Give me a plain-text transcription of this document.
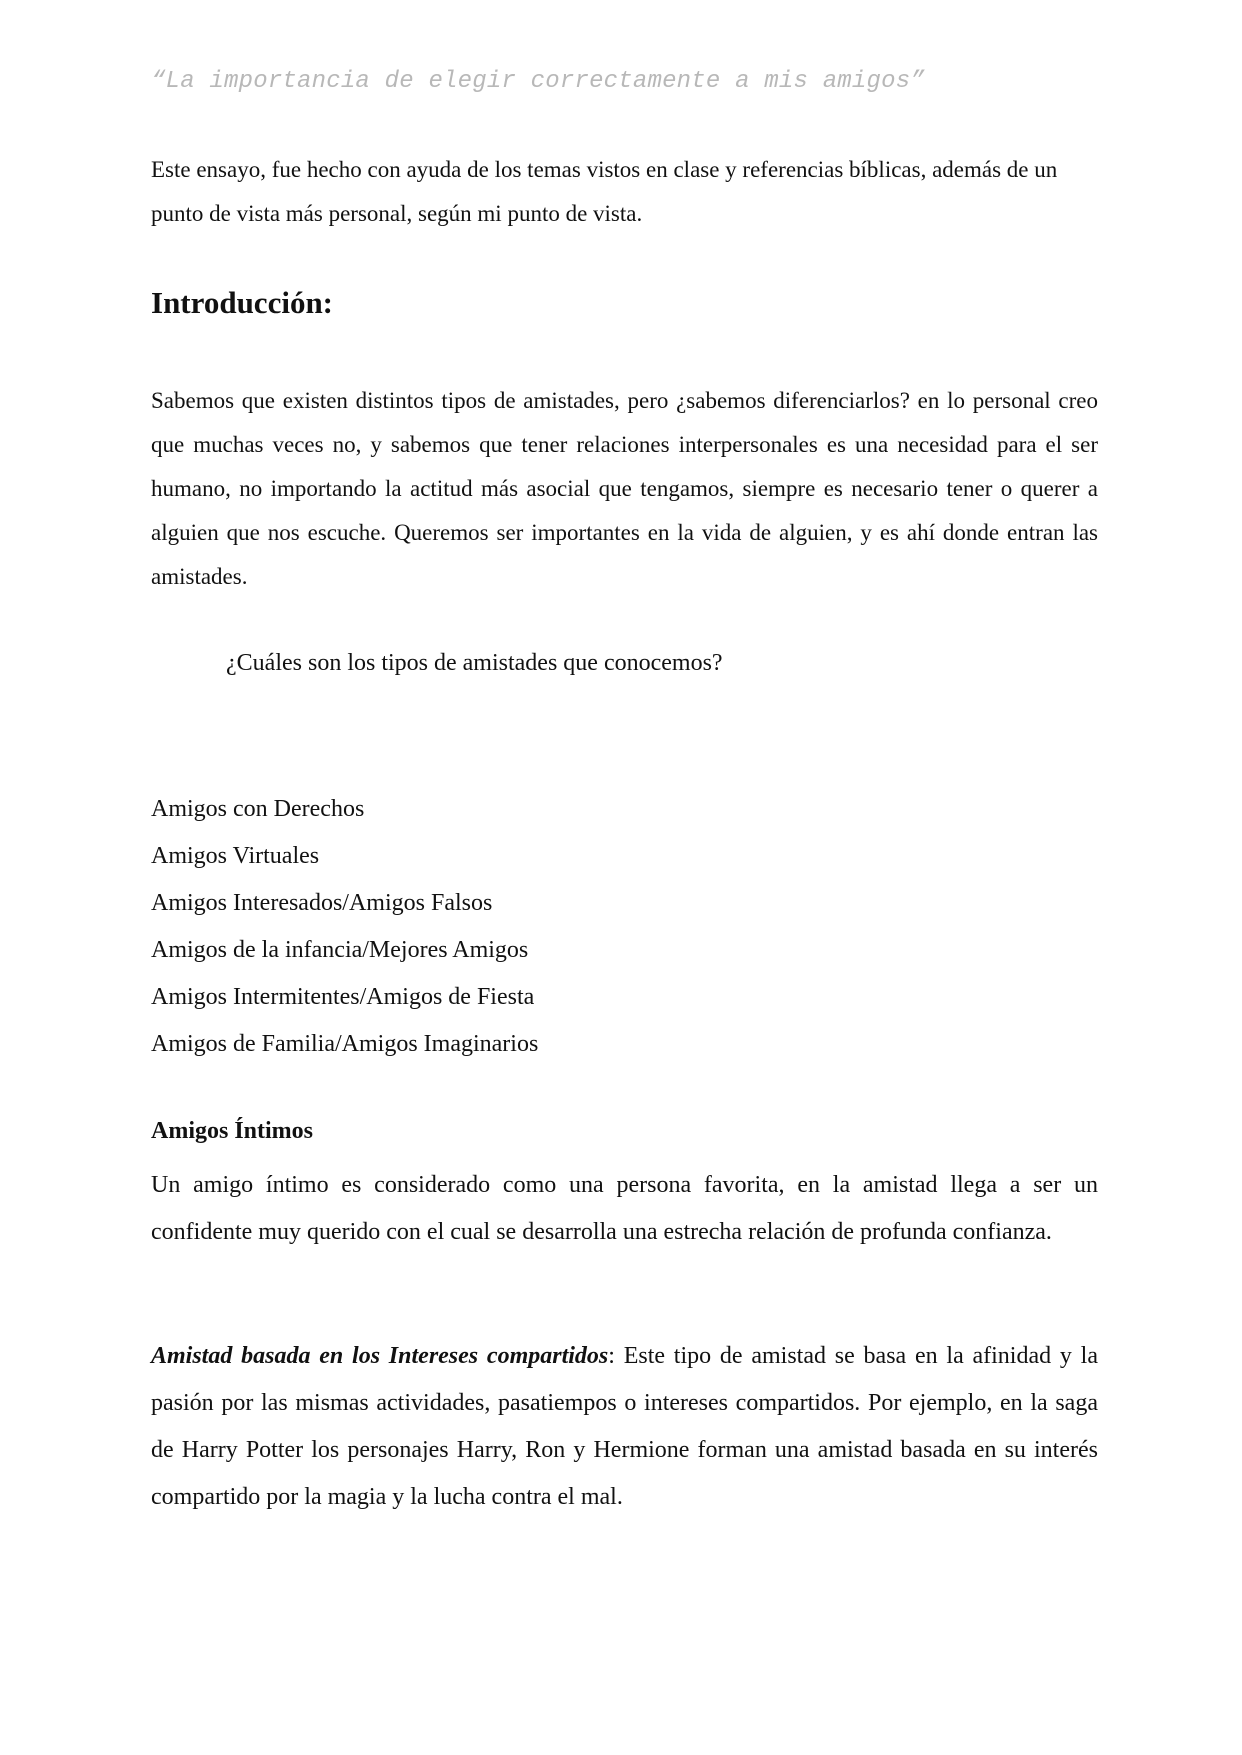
“La importancia de elegir correctamente a mis amigos”
Este ensayo, fue hecho con ayuda de los temas vistos en clase y referencias bíblicas, además de un punto de vista más personal, según mi punto de vista.
Introducción:
Sabemos que existen distintos tipos de amistades, pero ¿sabemos diferenciarlos? en lo personal creo que muchas veces no, y sabemos que tener relaciones interpersonales es una necesidad para el ser humano, no importando la actitud más asocial que tengamos, siempre es necesario tener o querer a alguien que nos escuche. Queremos ser importantes en la vida de alguien, y es ahí donde entran las amistades.
¿Cuáles son los tipos de amistades que conocemos?
Amigos con Derechos
Amigos Virtuales
Amigos Interesados/Amigos Falsos
Amigos de la infancia/Mejores Amigos
Amigos Intermitentes/Amigos de Fiesta
Amigos de Familia/Amigos Imaginarios
Amigos Íntimos
Un amigo íntimo es considerado como una persona favorita, en la amistad llega a ser un confidente muy querido con el cual se desarrolla una estrecha relación de profunda confianza.
Amistad basada en los Intereses compartidos: Este tipo de amistad se basa en la afinidad y la pasión por las mismas actividades, pasatiempos o intereses compartidos. Por ejemplo, en la saga de Harry Potter los personajes Harry, Ron y Hermione forman una amistad basada en su interés compartido por la magia y la lucha contra el mal.
